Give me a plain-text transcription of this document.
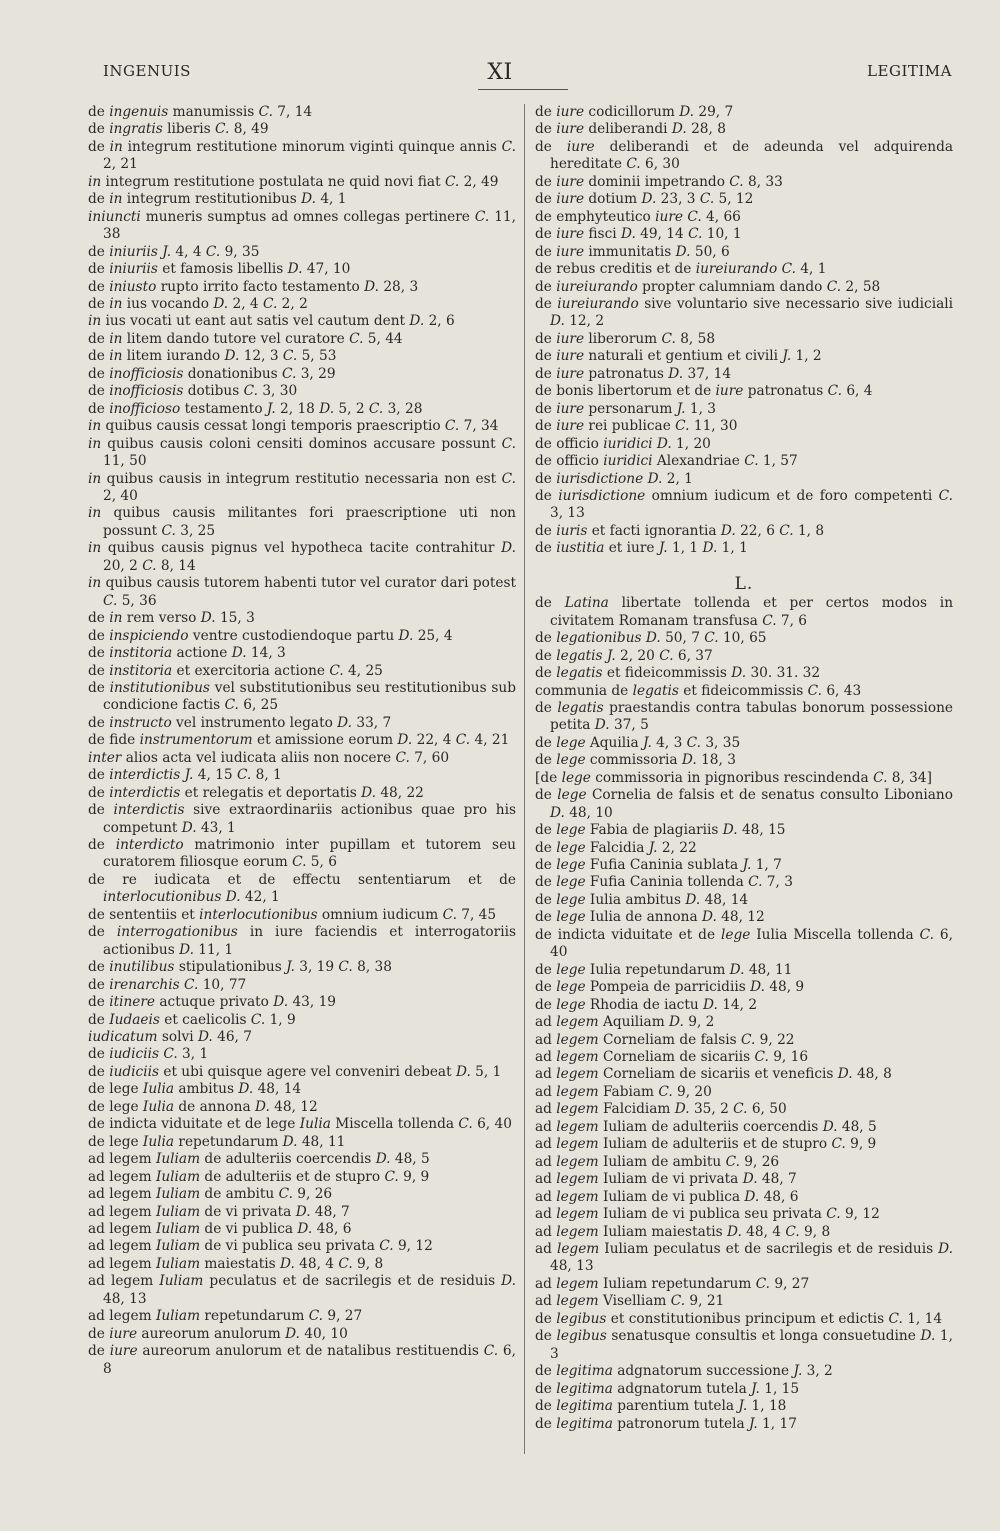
INGENUIS	XI	LEGITIMA
de ingenuis manumissis C. 7, 14
de ingratis liberis C. 8, 49
de in integrum restitutione minorum viginti quinque annis C. 2, 21
in integrum restitutione postulata ne quid novi fiat C. 2, 49
de in integrum restitutionibus D. 4, 1
iniuncti muneris sumptus ad omnes collegas pertinere C. 11, 38
de iniuriis J. 4, 4 C. 9, 35
de iniuriis et famosis libellis D. 47, 10
de iniusto rupto irrito facto testamento D. 28, 3
de in ius vocando D. 2, 4 C. 2, 2
in ius vocati ut eant aut satis vel cautum dent D. 2, 6
de in litem dando tutore vel curatore C. 5, 44
de in litem iurando D. 12, 3 C. 5, 53
de inofficiosis donationibus C. 3, 29
de inofficiosis dotibus C. 3, 30
de inofficioso testamento J. 2, 18 D. 5, 2 C. 3, 28
in quibus causis cessat longi temporis praescriptio C. 7, 34
in quibus causis coloni censiti dominos accusare possunt C. 11, 50
in quibus causis in integrum restitutio necessaria non est C. 2, 40
in quibus causis militantes fori praescriptione uti non possunt C. 3, 25
in quibus causis pignus vel hypotheca tacite contrahitur D. 20, 2 C. 8, 14
in quibus causis tutorem habenti tutor vel curator dari potest C. 5, 36
de in rem verso D. 15, 3
de inspiciendo ventre custodiendoque partu D. 25, 4
de institoria actione D. 14, 3
de institoria et exercitoria actione C. 4, 25
de institutionibus vel substitutionibus seu restitutionibus sub condicione factis C. 6, 25
de instructo vel instrumento legato D. 33, 7
de fide instrumentorum et amissione eorum D. 22, 4 C. 4, 21
inter alios acta vel iudicata aliis non nocere C. 7, 60
de interdictis J. 4, 15 C. 8, 1
de interdictis et relegatis et deportatis D. 48, 22
de interdictis sive extraordinariis actionibus quae pro his competunt D. 43, 1
de interdicto matrimonio inter pupillam et tutorem seu curatorem filiosque eorum C. 5, 6
de re iudicata et de effectu sententiarum et de interlocutionibus D. 42, 1
de sententiis et interlocutionibus omnium iudicum C. 7, 45
de interrogationibus in iure faciendis et interrogatoriis actionibus D. 11, 1
de inutilibus stipulationibus J. 3, 19 C. 8, 38
de irenarchis C. 10, 77
de itinere actuque privato D. 43, 19
de Iudaeis et caelicolis C. 1, 9
iudicatum solvi D. 46, 7
de iudiciis C. 3, 1
de iudiciis et ubi quisque agere vel conveniri debeat D. 5, 1
de lege Iulia ambitus D. 48, 14
de lege Iulia de annona D. 48, 12
de indicta viduitate et de lege Iulia Miscella tollenda C. 6, 40
de lege Iulia repetundarum D. 48, 11
ad legem Iuliam de adulteriis coercendis D. 48, 5
ad legem Iuliam de adulteriis et de stupro C. 9, 9
ad legem Iuliam de ambitu C. 9, 26
ad legem Iuliam de vi privata D. 48, 7
ad legem Iuliam de vi publica D. 48, 6
ad legem Iuliam de vi publica seu privata C. 9, 12
ad legem Iuliam maiestatis D. 48, 4 C. 9, 8
ad legem Iuliam peculatus et de sacrilegis et de residuis D. 48, 13
ad legem Iuliam repetundarum C. 9, 27
de iure aureorum anulorum D. 40, 10
de iure aureorum anulorum et de natalibus restituendis C. 6, 8
de iure codicillorum D. 29, 7
de iure deliberandi D. 28, 8
de iure deliberandi et de adeunda vel adquirenda hereditate C. 6, 30
de iure dominii impetrando C. 8, 33
de iure dotium D. 23, 3 C. 5, 12
de emphyteutico iure C. 4, 66
de iure fisci D. 49, 14 C. 10, 1
de iure immunitatis D. 50, 6
de rebus creditis et de iureiurando C. 4, 1
de iureiurando propter calumniam dando C. 2, 58
de iureiurando sive voluntario sive necessario sive iudiciali D. 12, 2
de iure liberorum C. 8, 58
de iure naturali et gentium et civili J. 1, 2
de iure patronatus D. 37, 14
de bonis libertorum et de iure patronatus C. 6, 4
de iure personarum J. 1, 3
de iure rei publicae C. 11, 30
de officio iuridici D. 1, 20
de officio iuridici Alexandriae C. 1, 57
de iurisdictione D. 2, 1
de iurisdictione omnium iudicum et de foro competenti C. 3, 13
de iuris et facti ignorantia D. 22, 6 C. 1, 8
de iustitia et iure J. 1, 1 D. 1, 1
L.
de Latina libertate tollenda et per certos modos in civitatem Romanam transfusa C. 7, 6
de legationibus D. 50, 7 C. 10, 65
de legatis J. 2, 20 C. 6, 37
de legatis et fideicommissis D. 30. 31. 32
communia de legatis et fideicommissis C. 6, 43
de legatis praestandis contra tabulas bonorum possessione petita D. 37, 5
de lege Aquilia J. 4, 3 C. 3, 35
de lege commissoria D. 18, 3
[de lege commissoria in pignoribus rescindenda C. 8, 34]
de lege Cornelia de falsis et de senatus consulto Liboniano D. 48, 10
de lege Fabia de plagiariis D. 48, 15
de lege Falcidia J. 2, 22
de lege Fufia Caninia sublata J. 1, 7
de lege Fufia Caninia tollenda C. 7, 3
de lege Iulia ambitus D. 48, 14
de lege Iulia de annona D. 48, 12
de indicta viduitate et de lege Iulia Miscella tollenda C. 6, 40
de lege Iulia repetundarum D. 48, 11
de lege Pompeia de parricidiis D. 48, 9
de lege Rhodia de iactu D. 14, 2
ad legem Aquiliam D. 9, 2
ad legem Corneliam de falsis C. 9, 22
ad legem Corneliam de sicariis C. 9, 16
ad legem Corneliam de sicariis et veneficis D. 48, 8
ad legem Fabiam C. 9, 20
ad legem Falcidiam D. 35, 2 C. 6, 50
ad legem Iuliam de adulteriis coercendis D. 48, 5
ad legem Iuliam de adulteriis et de stupro C. 9, 9
ad legem Iuliam de ambitu C. 9, 26
ad legem Iuliam de vi privata D. 48, 7
ad legem Iuliam de vi publica D. 48, 6
ad legem Iuliam de vi publica seu privata C. 9, 12
ad legem Iuliam maiestatis D. 48, 4 C. 9, 8
ad legem Iuliam peculatus et de sacrilegis et de residuis D. 48, 13
ad legem Iuliam repetundarum C. 9, 27
ad legem Viselliam C. 9, 21
de legibus et constitutionibus principum et edictis C. 1, 14
de legibus senatusque consultis et longa consuetudine D. 1, 3
de legitima adgnatorum successione J. 3, 2
de legitima adgnatorum tutela J. 1, 15
de legitima parentium tutela J. 1, 18
de legitima patronorum tutela J. 1, 17
